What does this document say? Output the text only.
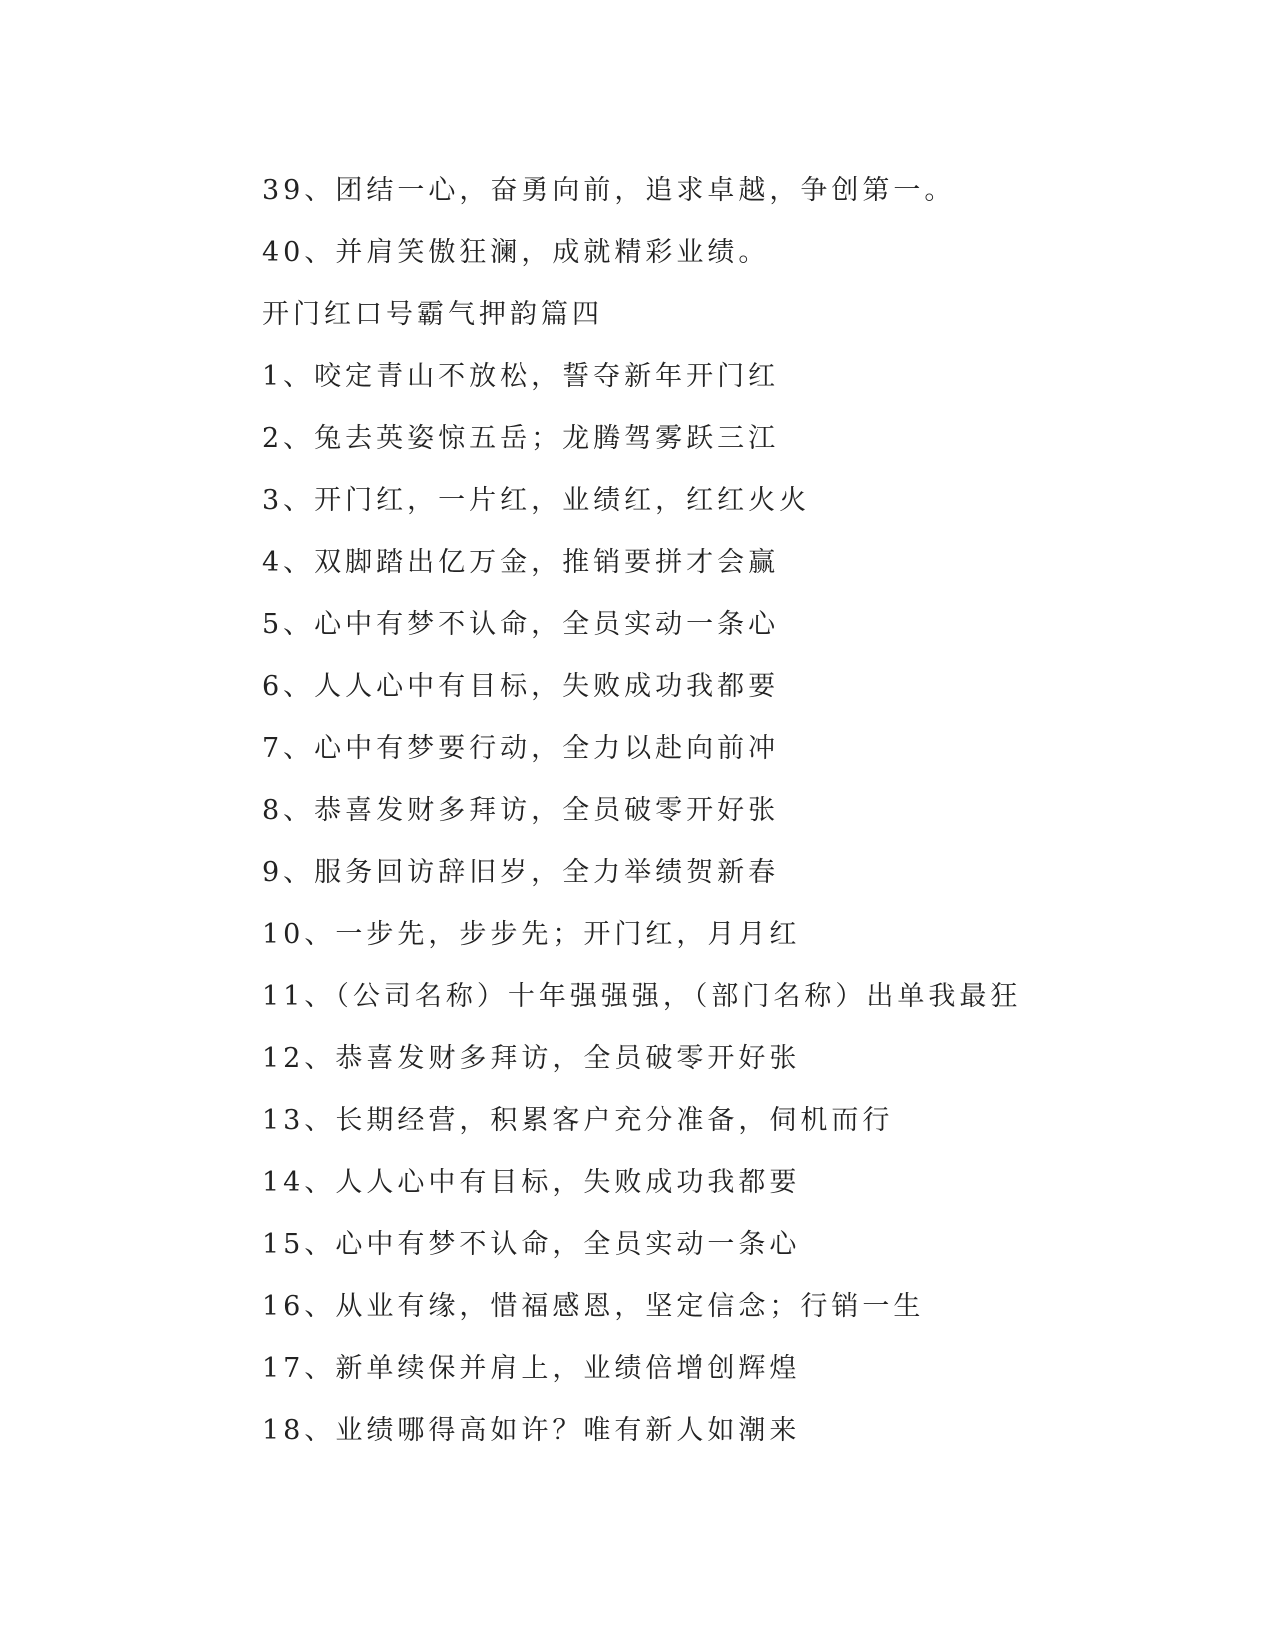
39、团结一心，奋勇向前，追求卓越，争创第一。
40、并肩笑傲狂澜，成就精彩业绩。
开门红口号霸气押韵篇四
1、咬定青山不放松，誓夺新年开门红
2、兔去英姿惊五岳；龙腾驾雾跃三江
3、开门红，一片红，业绩红，红红火火
4、双脚踏出亿万金，推销要拼才会赢
5、心中有梦不认命，全员实动一条心
6、人人心中有目标，失败成功我都要
7、心中有梦要行动，全力以赴向前冲
8、恭喜发财多拜访，全员破零开好张
9、服务回访辞旧岁，全力举绩贺新春
10、一步先，步步先；开门红，月月红
11、（公司名称）十年强强强，（部门名称）出单我最狂
12、恭喜发财多拜访，全员破零开好张
13、长期经营，积累客户充分准备，伺机而行
14、人人心中有目标，失败成功我都要
15、心中有梦不认命，全员实动一条心
16、从业有缘，惜福感恩，坚定信念；行销一生
17、新单续保并肩上，业绩倍增创辉煌
18、业绩哪得高如许？唯有新人如潮来
